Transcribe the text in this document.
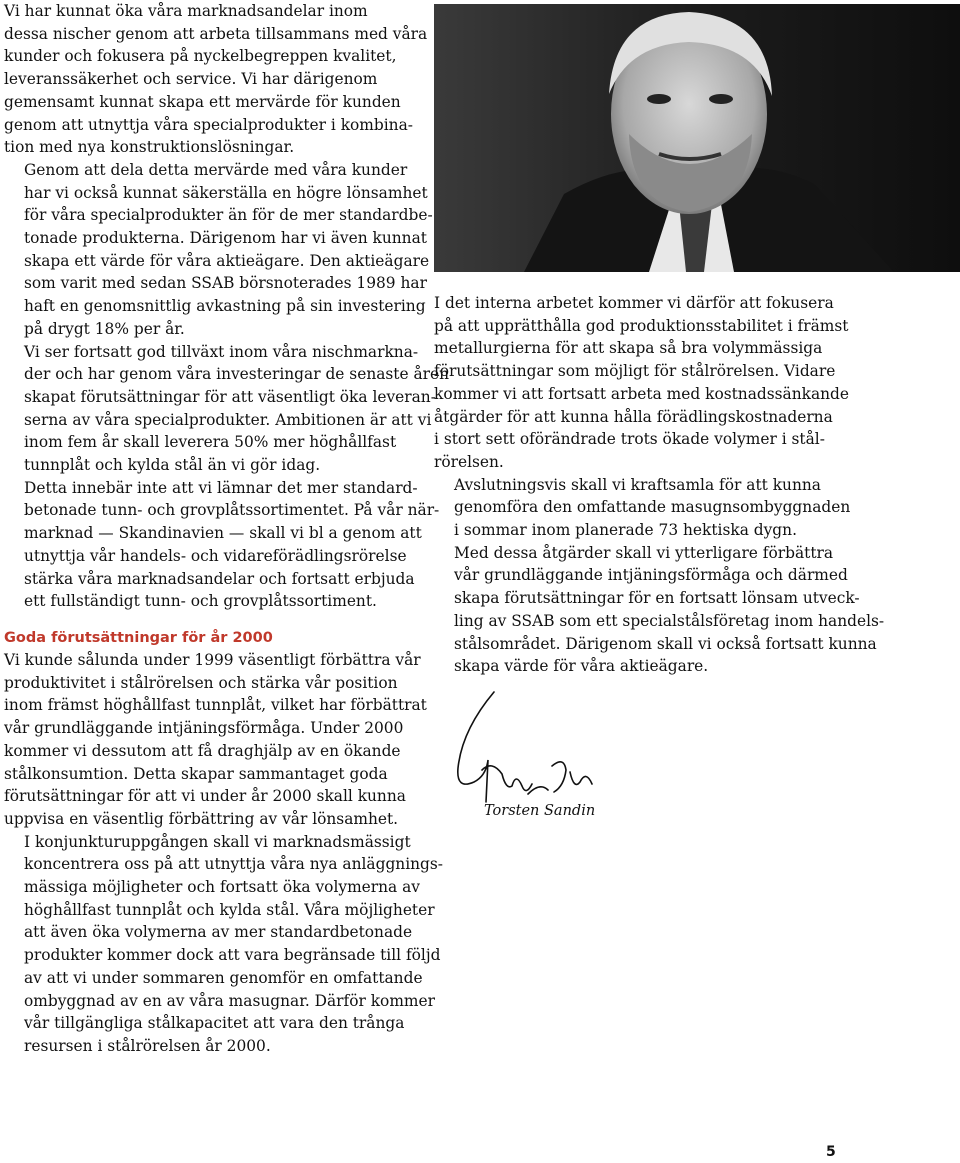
Vi har kunnat öka våra marknadsandelar inom
dessa nischer genom att arbeta tillsammans med våra
kunder och fokusera på nyckelbegreppen kvalitet,
leveranssäkerhet och service. Vi har därigenom
gemensamt kunnat skapa ett mervärde för kunden
genom att utnyttja våra specialprodukter i kombina-
tion med nya konstruktionslösningar.

Genom att dela detta mervärde med våra kunder
har vi också kunnat säkerställa en högre lönsamhet
för våra specialprodukter än för de mer standardbe-
tonade produkterna. Därigenom har vi även kunnat
skapa ett värde för våra aktieägare. Den aktieägare
som varit med sedan SSAB börsnoterades 1989 har
haft en genomsnittlig avkastning på sin investering
på drygt 18% per år.

Vi ser fortsatt god tillväxt inom våra nischmarkna-
der och har genom våra investeringar de senaste åren
skapat förutsättningar för att väsentligt öka leveran-
serna av våra specialprodukter. Ambitionen är att vi
inom fem år skall leverera 50% mer höghållfast
tunnplåt och kylda stål än vi gör idag.

Detta innebär inte att vi lämnar det mer standard-
betonade tunn- och grovplåtssortimentet. På vår när-
marknad — Skandinavien — skall vi bl a genom att
utnyttja vår handels- och vidareförädlingsrörelse
stärka våra marknadsandelar och fortsatt erbjuda
ett fullständigt tunn- och grovplåtssortiment.

Goda förutsättningar för år 2000

Vi kunde sålunda under 1999 väsentligt förbättra vår
produktivitet i stålrörelsen och stärka vår position
inom främst höghållfast tunnplåt, vilket har förbättrat
vår grundläggande intjäningsförmåga. Under 2000
kommer vi dessutom att få draghjälp av en ökande
stålkonsumtion. Detta skapar sammantaget goda
förutsättningar för att vi under år 2000 skall kunna
uppvisa en väsentlig förbättring av vår lönsamhet.

I konjunkturuppgången skall vi marknadsmässigt
koncentrera oss på att utnyttja våra nya anläggnings-
mässiga möjligheter och fortsatt öka volymerna av
höghållfast tunnplåt och kylda stål. Våra möjligheter
att även öka volymerna av mer standardbetonade
produkter kommer dock att vara begränsade till följd
av att vi under sommaren genomför en omfattande
ombyggnad av en av våra masugnar. Därför kommer
vår tillgängliga stålkapacitet att vara den trånga
resursen i stålrörelsen år 2000.

I det interna arbetet kommer vi därför att fokusera
på att upprätthålla god produktionsstabilitet i främst
metallurgierna för att skapa så bra volymmässiga
förutsättningar som möjligt för stålrörelsen. Vidare
kommer vi att fortsatt arbeta med kostnadssänkande
åtgärder för att kunna hålla förädlingskostnaderna
i stort sett oförändrade trots ökade volymer i stål-
rörelsen.

Avslutningsvis skall vi kraftsamla för att kunna
genomföra den omfattande masugnsombyggnaden
i sommar inom planerade 73 hektiska dygn.

Med dessa åtgärder skall vi ytterligare förbättra
vår grundläggande intjäningsförmåga och därmed
skapa förutsättningar för en fortsatt lönsam utveck-
ling av SSAB som ett specialstålsföretag inom handels-
stålsområdet. Därigenom skall vi också fortsatt kunna
skapa värde för våra aktieägare.

Torsten Sandin
5
